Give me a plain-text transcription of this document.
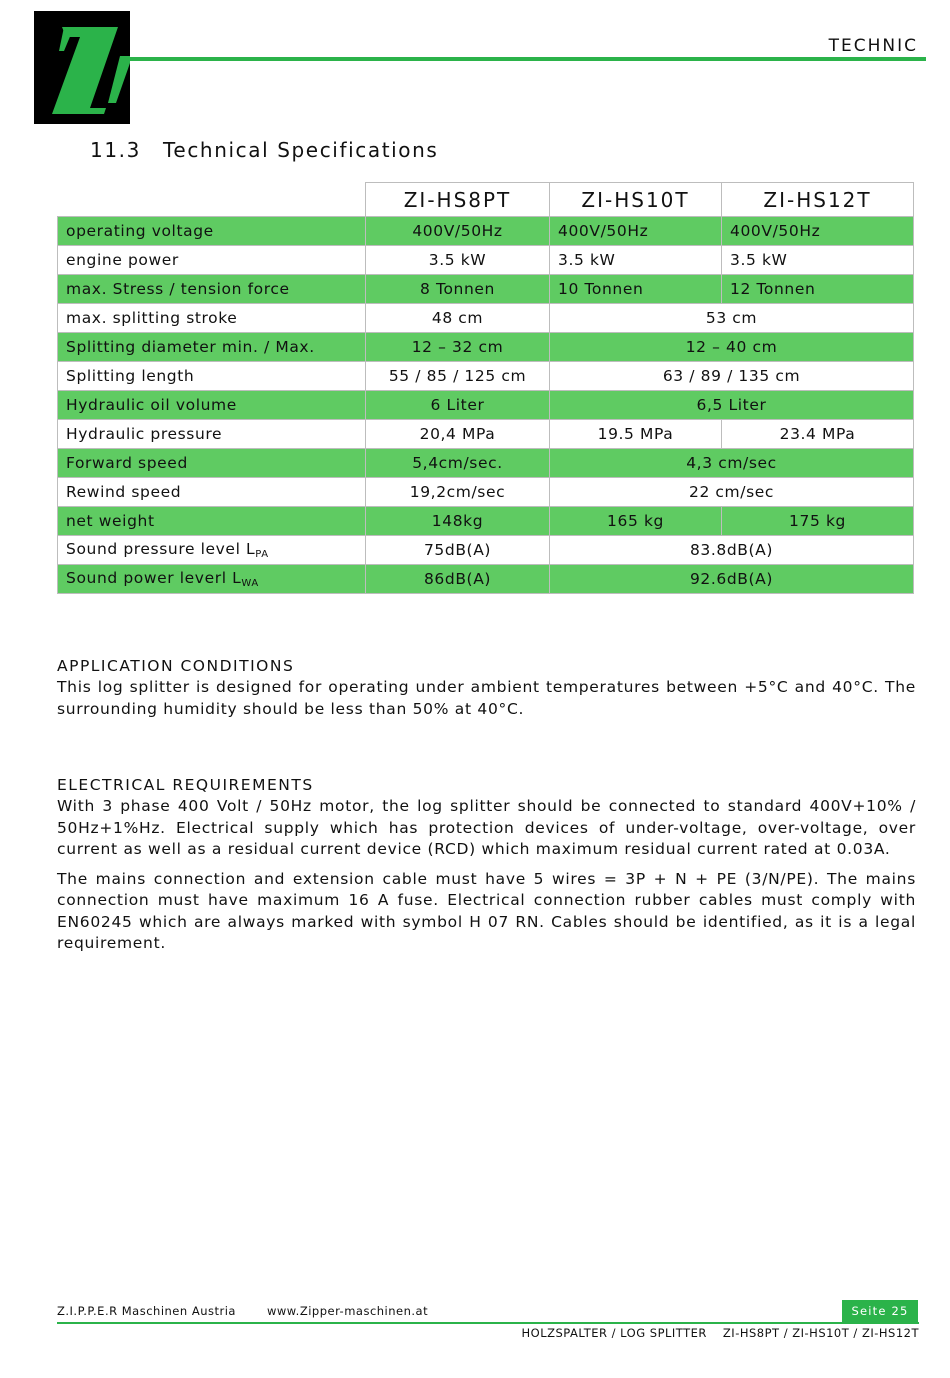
TECHNIC
11.3 Technical Specifications
	ZI-HS8PT	ZI-HS10T	ZI-HS12T
operating voltage	400V/50Hz	400V/50Hz	400V/50Hz
engine power	3.5 kW	3.5 kW	3.5 kW
max. Stress / tension force	8 Tonnen	10 Tonnen	12 Tonnen
max. splitting stroke	48 cm	53 cm	
Splitting diameter min. / Max.	12 – 32 cm	12 – 40 cm	
Splitting length	55 / 85 / 125 cm	63 / 89 / 135 cm	
Hydraulic oil volume	6 Liter	6,5 Liter	
Hydraulic pressure	20,4 MPa	19.5 MPa	23.4 MPa
Forward speed	5,4cm/sec.	4,3 cm/sec	
Rewind speed	19,2cm/sec	22 cm/sec	
net weight	148kg	165 kg	175 kg
Sound pressure level $L_{PA}$	75dB(A)	83.8dB(A)	
Sound power leverl $L_{WA}$	86dB(A)	92.6dB(A)	
APPLICATION CONDITIONS

This log splitter is designed for operating under ambient temperatures between +5°C and 40°C. The surrounding humidity should be less than 50% at 40°C.

ELECTRICAL REQUIREMENTS

With 3 phase 400 Volt / 50Hz motor, the log splitter should be connected to standard 400V+10% / 50Hz+1%Hz. Electrical supply which has protection devices of under-voltage, over-voltage, over current as well as a residual current device (RCD) which maximum residual current rated at 0.03A.

The mains connection and extension cable must have 5 wires = 3P + N + PE (3/N/PE). The mains connection must have maximum 16 A fuse. Electrical connection rubber cables must comply with EN60245 which are always marked with symbol H 07 RN. Cables should be identified, as it is a legal requirement.

Z.I.P.P.E.R Maschinen Austria	www.Zipper-maschinen.at	Seite 25
HOLZSPALTER / LOG SPLITTER ZI-HS8PT / ZI-HS10T / ZI-HS12T
